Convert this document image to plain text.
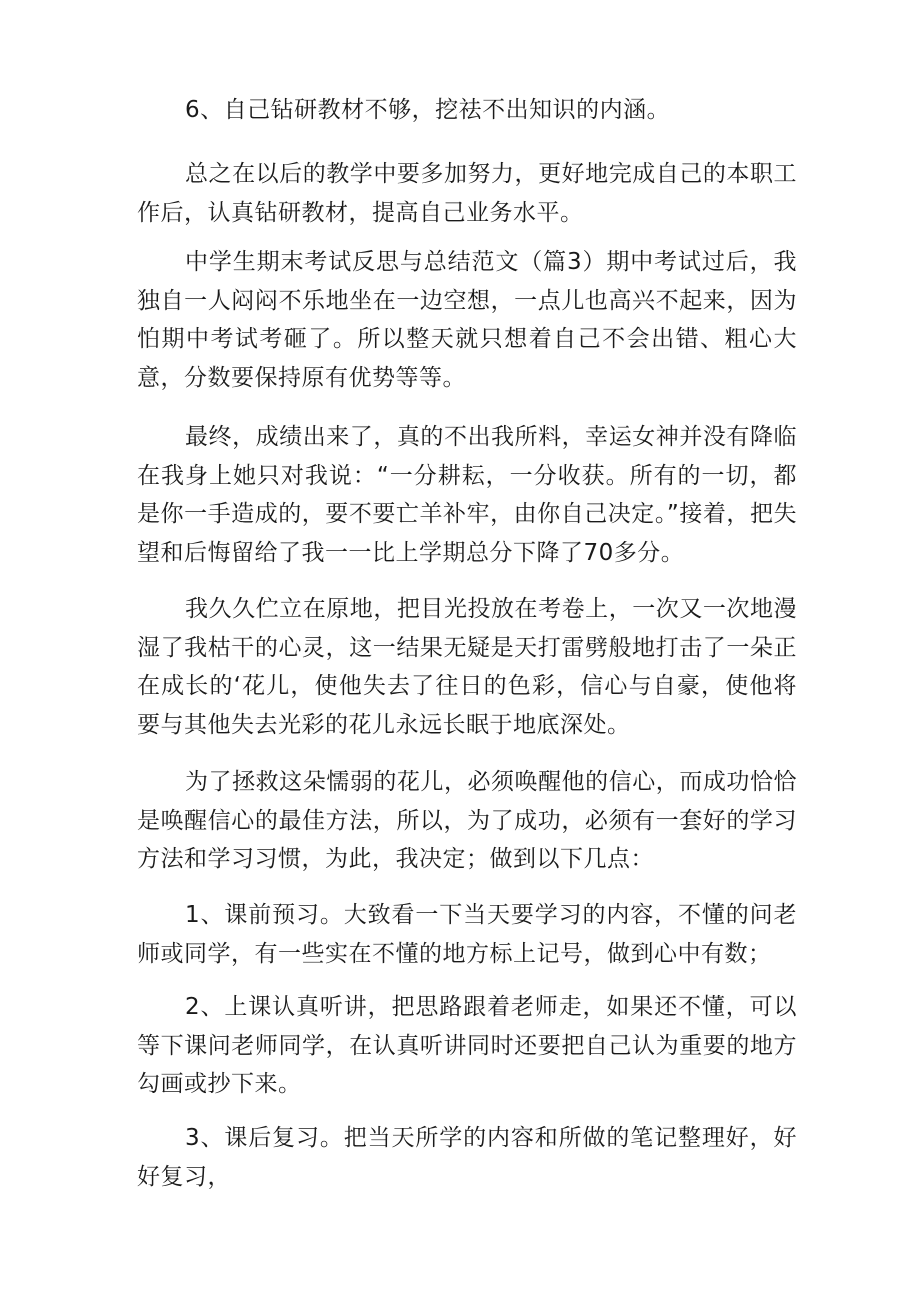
6、自己钻研教材不够，挖祛不出知识的内涵。

总之在以后的教学中要多加努力，更好地完成自己的本职工作后，认真钻研教材，提高自己业务水平。

中学生期末考试反思与总结范文（篇3）期中考试过后，我独自一人闷闷不乐地坐在一边空想，一点儿也高兴不起来，因为怕期中考试考砸了。所以整天就只想着自己不会出错、粗心大意，分数要保持原有优势等等。

最终，成绩出来了，真的不出我所料，幸运女神并没有降临在我身上她只对我说：“一分耕耘，一分收获。所有的一切，都是你一手造成的，要不要亡羊补牢，由你自己决定。”接着，把失望和后悔留给了我一一比上学期总分下降了70多分。

我久久伫立在原地，把目光投放在考卷上，一次又一次地漫湿了我枯干的心灵，这一结果无疑是天打雷劈般地打击了一朵正在成长的‘花儿，使他失去了往日的色彩，信心与自豪，使他将要与其他失去光彩的花儿永远长眠于地底深处。

为了拯救这朵懦弱的花儿，必须唤醒他的信心，而成功恰恰是唤醒信心的最佳方法，所以，为了成功，必须有一套好的学习方法和学习习惯，为此，我决定；做到以下几点：

1、课前预习。大致看一下当天要学习的内容，不懂的问老师或同学，有一些实在不懂的地方标上记号，做到心中有数；

2、上课认真听讲，把思路跟着老师走，如果还不懂，可以等下课问老师同学，在认真听讲同时还要把自己认为重要的地方勾画或抄下来。

3、课后复习。把当天所学的内容和所做的笔记整理好，好好复习，
